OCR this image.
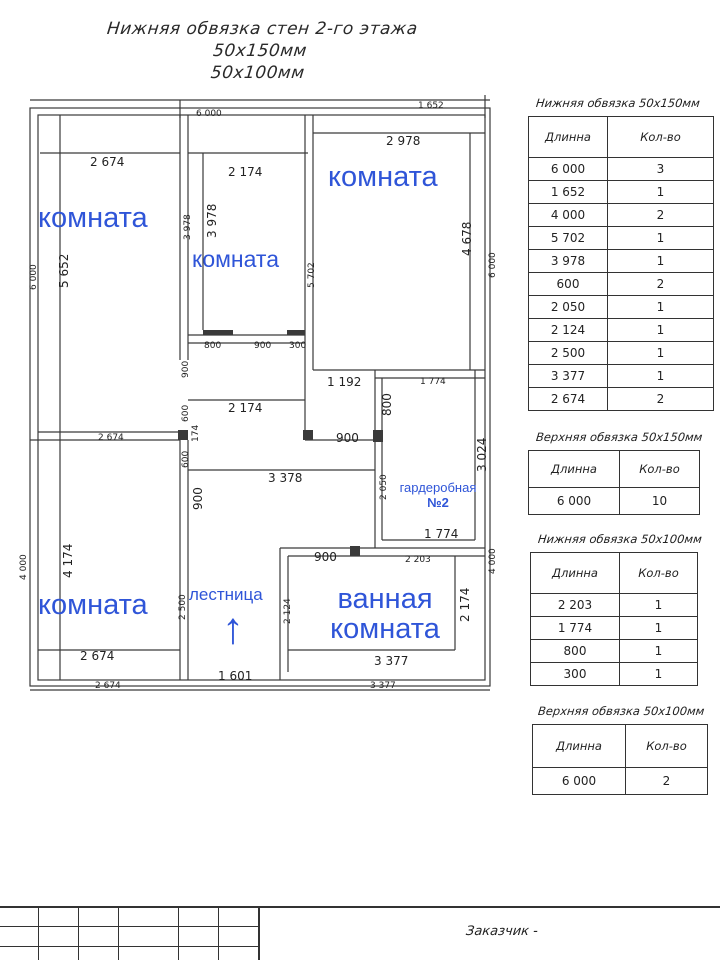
Нижняя обвязка стен 2-го этажа
50х150мм
50х100мм
6 000
1 652
2 978
2 674
2 174
3 978 3 978
4 678
6 000
6 000 5 652	5 702
800	900 300
900
1 192	1 774
2 174	800
900
2 674
600
174
600
3 378	2 050
3 024
900
1 774
900	2 203
4 000	4 174
2 500	2 124	2 174
4 000
2 674	3 377
2 674
1 601
3 377
комната
комната
комната
комната
гардеробная
№2
лестница
↑
ванная
комната
Нижняя обвязка 50х150мм
Длинна	Кол-во
6 000	3
1 652	1
4 000	2
5 702	1
3 978	1
600	2
2 050	1
2 124	1
2 500	1
3 377	1
2 674	2
Верхняя обвязка 50х150мм
Длинна	Кол-во
6 000	10
Нижняя обвязка 50х100мм
Длинна	Кол-во
2 203	1
1 774	1
800	1
300	1
Верхняя обвязка 50х100мм
Длинна	Кол-во
6 000	2
Заказчик -
